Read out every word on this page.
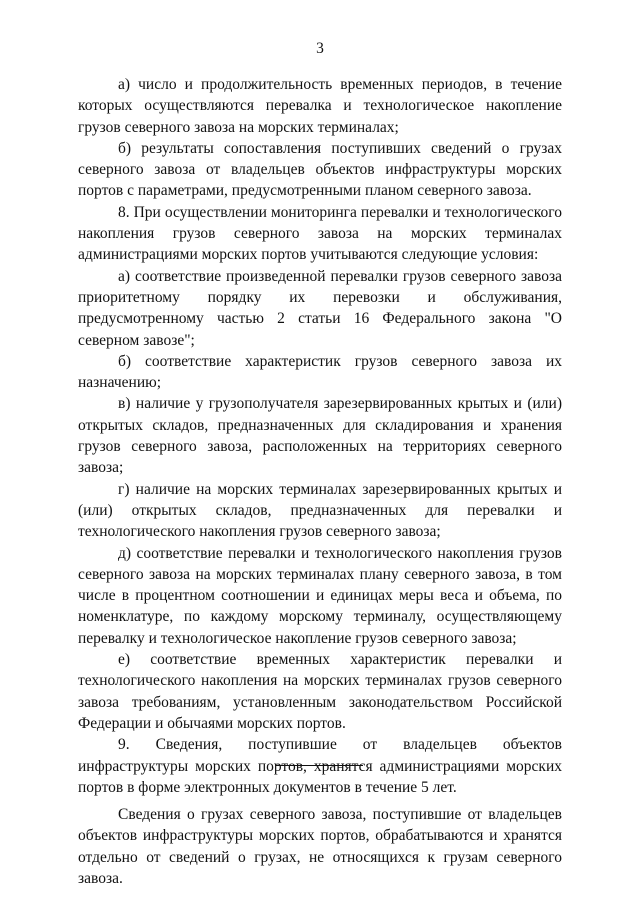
3

а) число и продолжительность временных периодов, в течение которых осуществляются перевалка и технологическое накопление грузов северного завоза на морских терминалах;

б) результаты сопоставления поступивших сведений о грузах северного завоза от владельцев объектов инфраструктуры морских портов с параметрами, предусмотренными планом северного завоза.

8. При осуществлении мониторинга перевалки и технологического накопления грузов северного завоза на морских терминалах администрациями морских портов учитываются следующие условия:

а) соответствие произведенной перевалки грузов северного завоза приоритетному порядку их перевозки и обслуживания, предусмотренному частью 2 статьи 16 Федерального закона "О северном завозе";

б) соответствие характеристик грузов северного завоза их назначению;

в) наличие у грузополучателя зарезервированных крытых и (или) открытых складов, предназначенных для складирования и хранения грузов северного завоза, расположенных на территориях северного завоза;

г) наличие на морских терминалах зарезервированных крытых и (или) открытых складов, предназначенных для перевалки и технологического накопления грузов северного завоза;

д) соответствие перевалки и технологического накопления грузов северного завоза на морских терминалах плану северного завоза, в том числе в процентном соотношении и единицах меры веса и объема, по номенклатуре, по каждому морскому терминалу, осуществляющему перевалку и технологическое накопление грузов северного завоза;

е) соответствие временных характеристик перевалки и технологического накопления на морских терминалах грузов северного завоза требованиям, установленным законодательством Российской Федерации и обычаями морских портов.

9. Сведения, поступившие от владельцев объектов инфраструктуры морских портов, хранятся администрациями морских портов в форме электронных документов в течение 5 лет.

Сведения о грузах северного завоза, поступившие от владельцев объектов инфраструктуры морских портов, обрабатываются и хранятся отдельно от сведений о грузах, не относящихся к грузам северного завоза.
